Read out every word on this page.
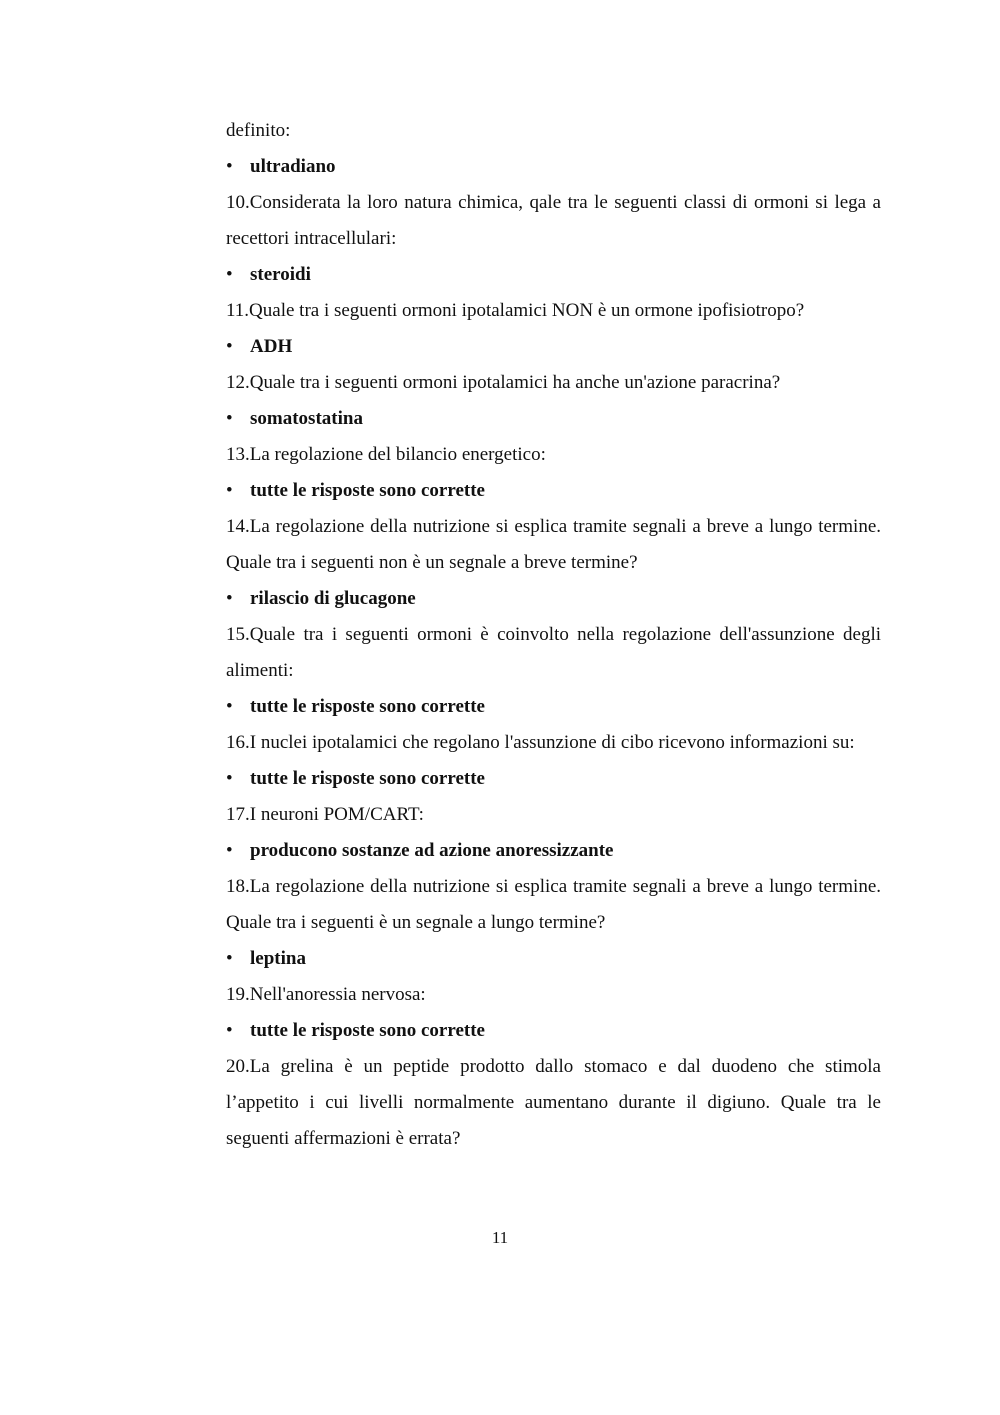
definito:

• ultradiano

10.Considerata la loro natura chimica, qale tra le seguenti classi di ormoni si lega a recettori intracellulari:

• steroidi

11.Quale tra i seguenti ormoni ipotalamici NON è un ormone ipofisiotropo?

• ADH

12.Quale tra i seguenti ormoni ipotalamici ha anche un'azione paracrina?

• somatostatina

13.La regolazione del bilancio energetico:

• tutte le risposte sono corrette

14.La regolazione della nutrizione si esplica tramite segnali a breve a lungo termine. Quale tra i seguenti non è un segnale a breve termine?

• rilascio di glucagone

15.Quale tra i seguenti ormoni è coinvolto nella regolazione dell'assunzione degli alimenti:

• tutte le risposte sono corrette

16.I nuclei ipotalamici che regolano l'assunzione di cibo ricevono informazioni su:

• tutte le risposte sono corrette

17.I neuroni POM/CART:

• producono sostanze ad azione anoressizzante

18.La regolazione della nutrizione si esplica tramite segnali a breve a lungo termine. Quale tra i seguenti è un segnale a lungo termine?

• leptina

19.Nell'anoressia nervosa:

• tutte le risposte sono corrette

20.La grelina è un peptide prodotto dallo stomaco e dal duodeno che stimola l’appetito i cui livelli normalmente aumentano durante il digiuno. Quale tra le seguenti affermazioni è errata?

11
